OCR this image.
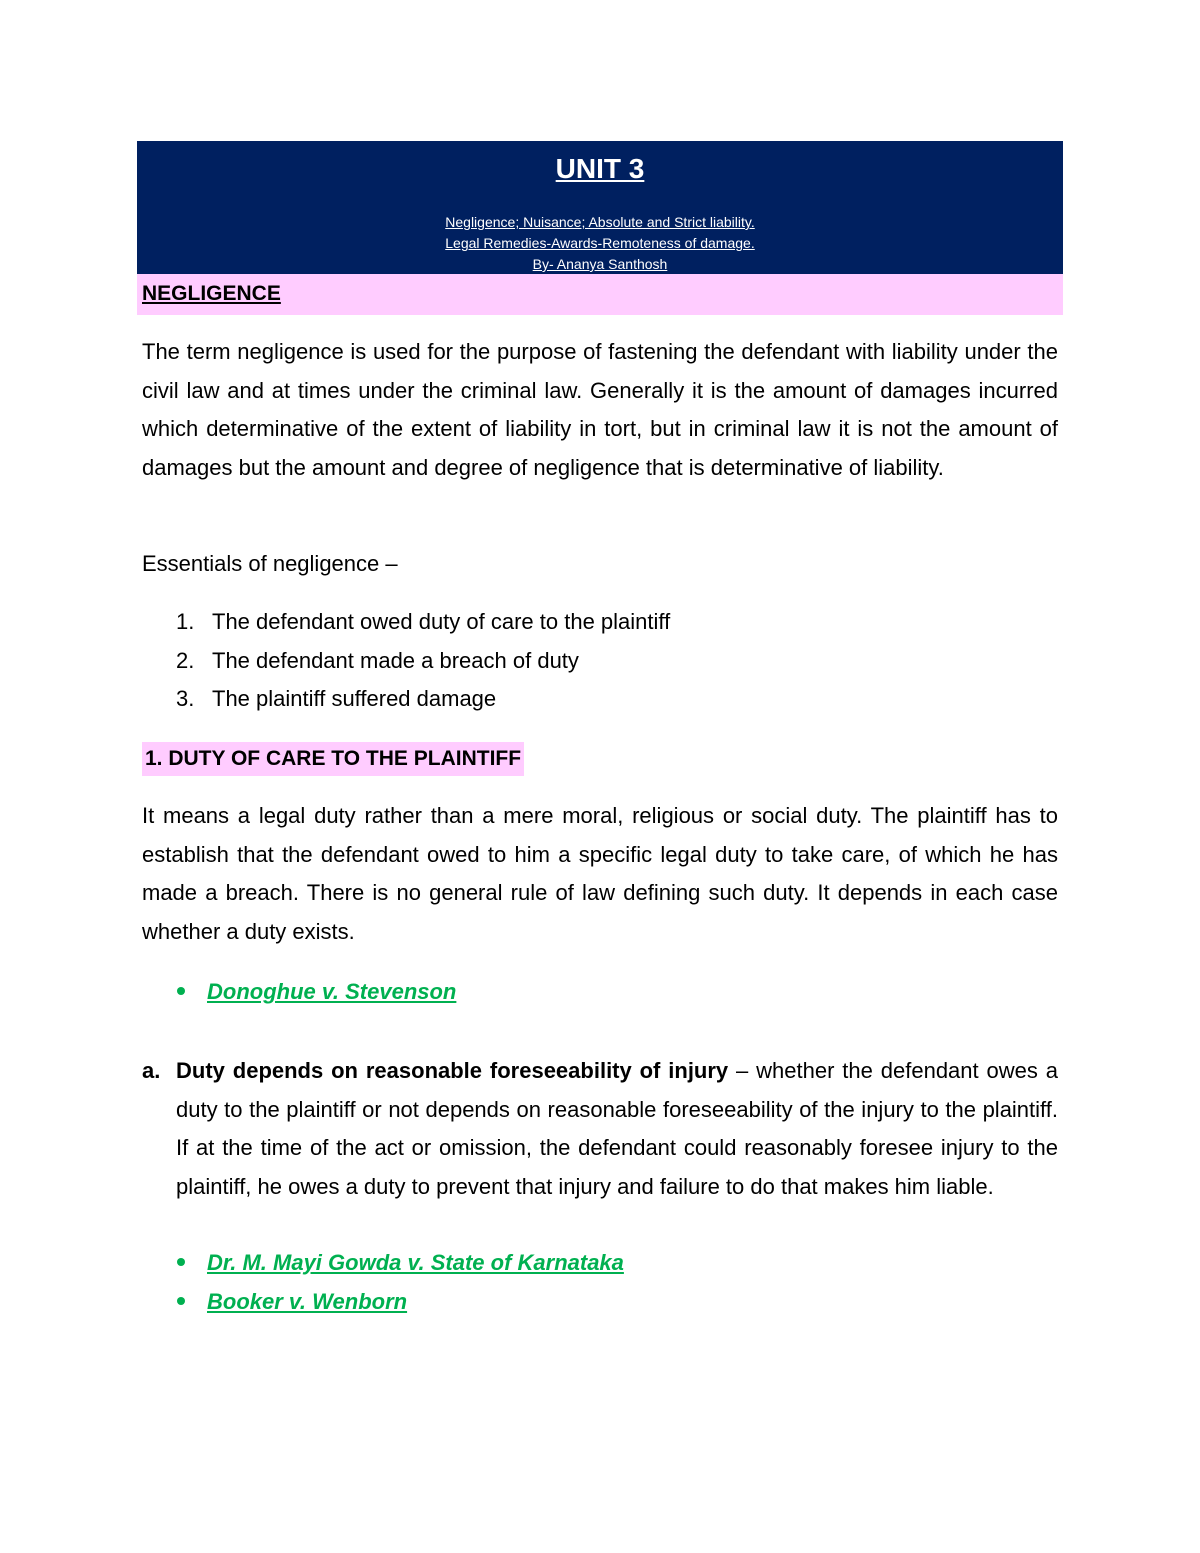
UNIT 3
Negligence; Nuisance; Absolute and Strict liability.
Legal Remedies-Awards-Remoteness of damage.
By- Ananya Santhosh
NEGLIGENCE
The term negligence is used for the purpose of fastening the defendant with liability under the civil law and at times under the criminal law. Generally it is the amount of damages incurred which determinative of the extent of liability in tort, but in criminal law it is not the amount of damages but the amount and degree of negligence that is determinative of liability.
Essentials of negligence –
1. The defendant owed duty of care to the plaintiff
2. The defendant made a breach of duty
3. The plaintiff suffered damage
1. DUTY OF CARE TO THE PLAINTIFF
It means a legal duty rather than a mere moral, religious or social duty. The plaintiff has to establish that the defendant owed to him a specific legal duty to take care, of which he has made a breach. There is no general rule of law defining such duty. It depends in each case whether a duty exists.
Donoghue v. Stevenson
a. Duty depends on reasonable foreseeability of injury – whether the defendant owes a duty to the plaintiff or not depends on reasonable foreseeability of the injury to the plaintiff. If at the time of the act or omission, the defendant could reasonably foresee injury to the plaintiff, he owes a duty to prevent that injury and failure to do that makes him liable.
Dr. M. Mayi Gowda v. State of Karnataka
Booker v. Wenborn
